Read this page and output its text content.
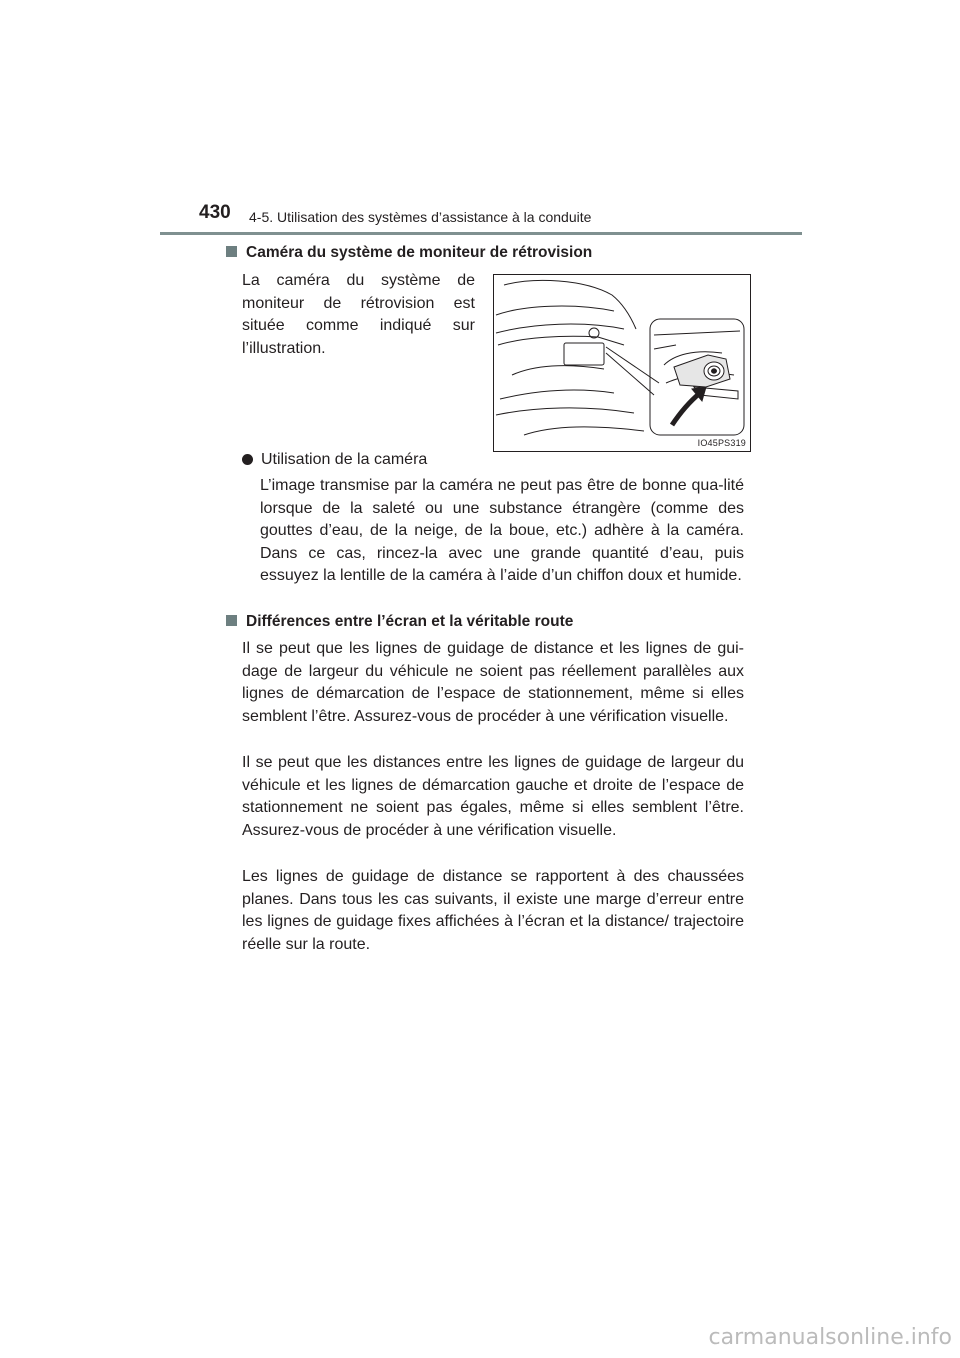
430 4-5. Utilisation des systèmes d’assistance à la conduite
Caméra du système de moniteur de rétrovision
La caméra du système de moniteur de rétrovision est située comme indiqué sur l’illustration.
IO45PS319
Utilisation de la caméra
L’image transmise par la caméra ne peut pas être de bonne qua-lité lorsque de la saleté ou une substance étrangère (comme des gouttes d’eau, de la neige, de la boue, etc.) adhère à la caméra. Dans ce cas, rincez-la avec une grande quantité d’eau, puis essuyez la lentille de la caméra à l’aide d’un chiffon doux et humide.
Différences entre l’écran et la véritable route
Il se peut que les lignes de guidage de distance et les lignes de gui-dage de largeur du véhicule ne soient pas réellement parallèles aux lignes de démarcation de l’espace de stationnement, même si elles semblent l’être. Assurez-vous de procéder à une vérification visuelle.
Il se peut que les distances entre les lignes de guidage de largeur du véhicule et les lignes de démarcation gauche et droite de l’espace de stationnement ne soient pas égales, même si elles semblent l’être. Assurez-vous de procéder à une vérification visuelle.
Les lignes de guidage de distance se rapportent à des chaussées planes. Dans tous les cas suivants, il existe une marge d’erreur entre les lignes de guidage fixes affichées à l’écran et la distance/ trajectoire réelle sur la route.
carmanualsonline.info
